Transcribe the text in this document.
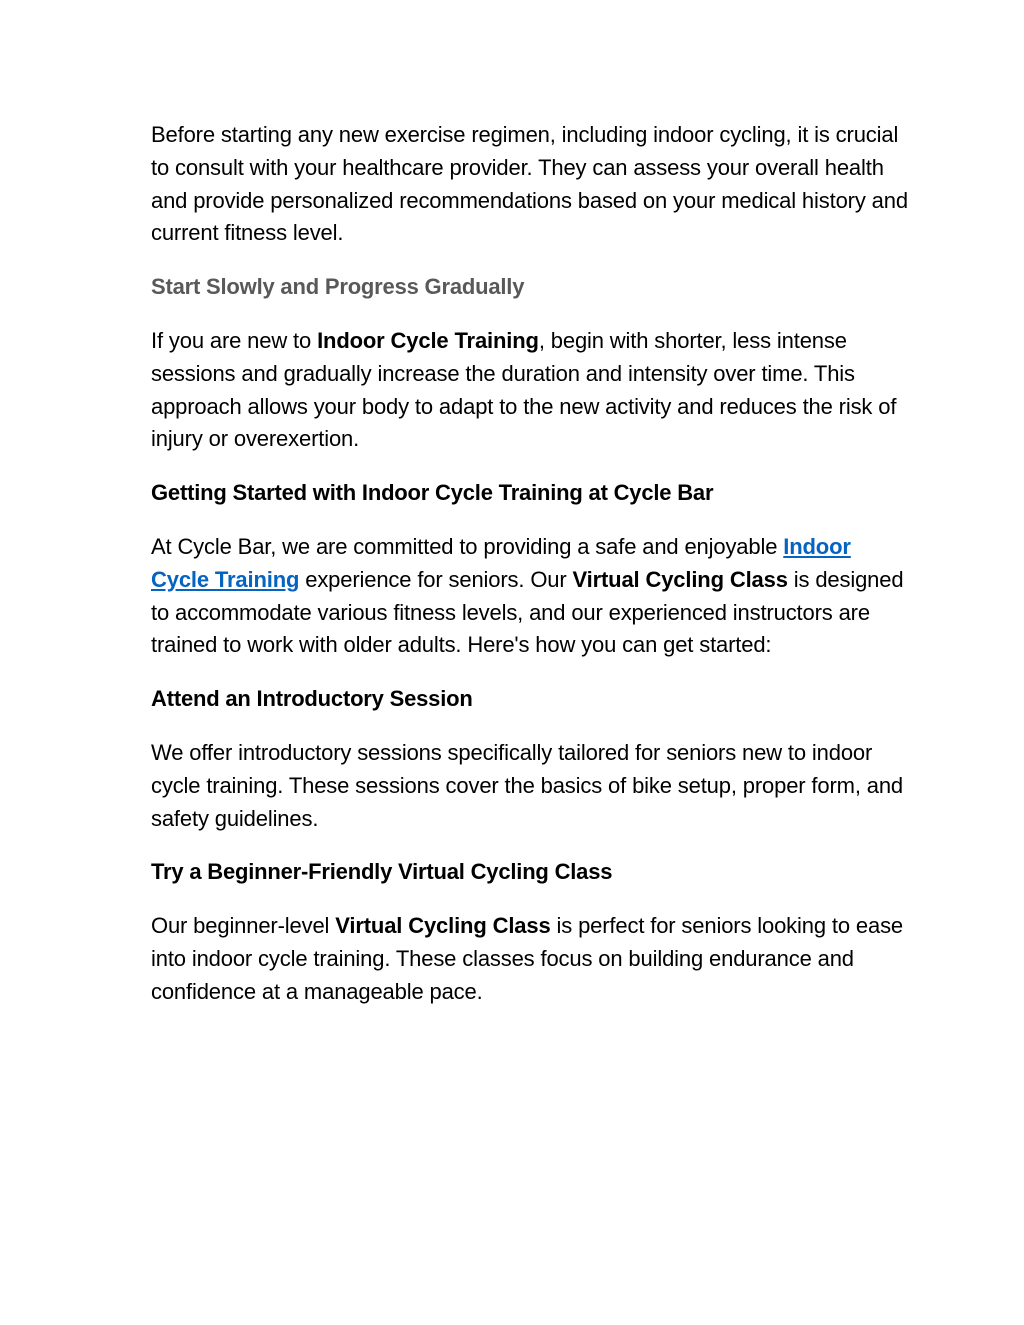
Before starting any new exercise regimen, including indoor cycling, it is crucial to consult with your healthcare provider. They can assess your overall health and provide personalized recommendations based on your medical history and current fitness level.

Start Slowly and Progress Gradually

If you are new to Indoor Cycle Training, begin with shorter, less intense sessions and gradually increase the duration and intensity over time. This approach allows your body to adapt to the new activity and reduces the risk of injury or overexertion.

Getting Started with Indoor Cycle Training at Cycle Bar

At Cycle Bar, we are committed to providing a safe and enjoyable Indoor Cycle Training experience for seniors. Our Virtual Cycling Class is designed to accommodate various fitness levels, and our experienced instructors are trained to work with older adults. Here's how you can get started:

Attend an Introductory Session

We offer introductory sessions specifically tailored for seniors new to indoor cycle training. These sessions cover the basics of bike setup, proper form, and safety guidelines.

Try a Beginner-Friendly Virtual Cycling Class

Our beginner-level Virtual Cycling Class is perfect for seniors looking to ease into indoor cycle training. These classes focus on building endurance and confidence at a manageable pace.
